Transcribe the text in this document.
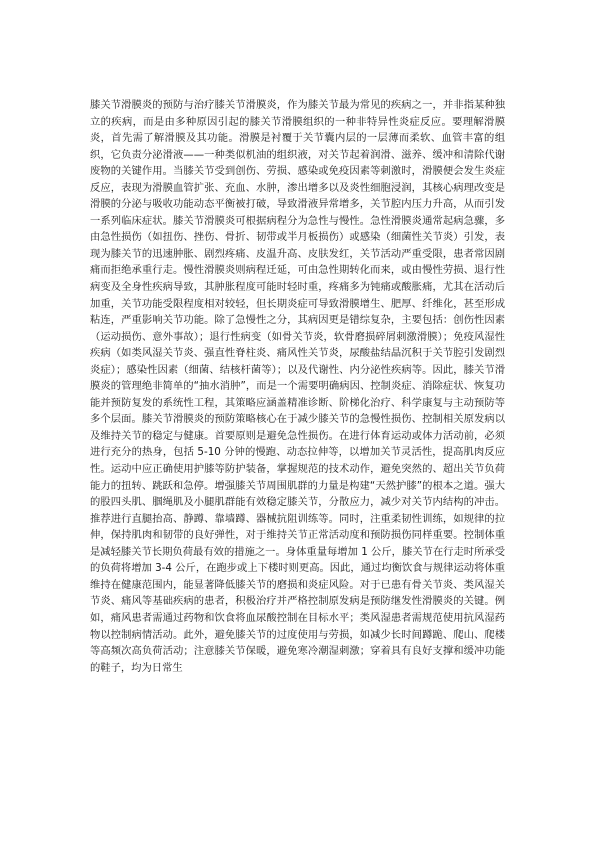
膝关节滑膜炎的预防与治疗膝关节滑膜炎，作为膝关节最为常见的疾病之一，并非指某种独立的疾病，而是由多种原因引起的膝关节滑膜组织的一种非特异性炎症反应。要理解滑膜炎，首先需了解滑膜及其功能。滑膜是衬覆于关节囊内层的一层薄而柔软、血管丰富的组织，它负责分泌滑液——一种类似机油的组织液，对关节起着润滑、滋养、缓冲和清除代谢废物的关键作用。当膝关节受到创伤、劳损、感染或免疫因素等刺激时，滑膜便会发生炎症反应，表现为滑膜血管扩张、充血、水肿，渗出增多以及炎性细胞浸润，其核心病理改变是滑膜的分泌与吸收功能动态平衡被打破，导致滑液异常增多，关节腔内压力升高，从而引发一系列临床症状。膝关节滑膜炎可根据病程分为急性与慢性。急性滑膜炎通常起病急骤，多由急性损伤（如扭伤、挫伤、骨折、韧带或半月板损伤）或感染（细菌性关节炎）引发，表现为膝关节的迅速肿胀、剧烈疼痛、皮温升高、皮肤发红，关节活动严重受限，患者常因剧痛而拒绝承重行走。慢性滑膜炎则病程迁延，可由急性期转化而来，或由慢性劳损、退行性病变及全身性疾病导致，其肿胀程度可能时轻时重，疼痛多为钝痛或酸胀痛，尤其在活动后加重，关节功能受限程度相对较轻，但长期炎症可导致滑膜增生、肥厚、纤维化，甚至形成粘连，严重影响关节功能。除了急慢性之分，其病因更是错综复杂，主要包括：创伤性因素（运动损伤、意外事故）；退行性病变（如骨关节炎，软骨磨损碎屑刺激滑膜）；免疫风湿性疾病（如类风湿关节炎、强直性脊柱炎、痛风性关节炎，尿酸盐结晶沉积于关节腔引发剧烈炎症）；感染性因素（细菌、结核杆菌等）；以及代谢性、内分泌性疾病等。因此，膝关节滑膜炎的管理绝非简单的“抽水消肿”，而是一个需要明确病因、控制炎症、消除症状、恢复功能并预防复发的系统性工程，其策略应涵盖精准诊断、阶梯化治疗、科学康复与主动预防等多个层面。膝关节滑膜炎的预防策略核心在于减少膝关节的急慢性损伤、控制相关原发病以及维持关节的稳定与健康。首要原则是避免急性损伤。在进行体育运动或体力活动前，必须进行充分的热身，包括 5-10 分钟的慢跑、动态拉伸等，以增加关节灵活性，提高肌肉反应性。运动中应正确使用护膝等防护装备，掌握规范的技术动作，避免突然的、超出关节负荷能力的扭转、跳跃和急停。增强膝关节周围肌群的力量是构建“天然护膝”的根本之道。强大的股四头肌、腘绳肌及小腿肌群能有效稳定膝关节，分散应力，减少对关节内结构的冲击。推荐进行直腿抬高、静蹲、靠墙蹲、器械抗阻训练等。同时，注重柔韧性训练，如规律的拉伸，保持肌肉和韧带的良好弹性，对于维持关节正常活动度和预防损伤同样重要。控制体重是减轻膝关节长期负荷最有效的措施之一。身体重量每增加 1 公斤，膝关节在行走时所承受的负荷将增加 3-4 公斤，在跑步或上下楼时则更高。因此，通过均衡饮食与规律运动将体重维持在健康范围内，能显著降低膝关节的磨损和炎症风险。对于已患有骨关节炎、类风湿关节炎、痛风等基础疾病的患者，积极治疗并严格控制原发病是预防继发性滑膜炎的关键。例如，痛风患者需通过药物和饮食将血尿酸控制在目标水平；类风湿患者需规范使用抗风湿药物以控制病情活动。此外，避免膝关节的过度使用与劳损，如减少长时间蹲跪、爬山、爬楼等高频次高负荷活动；注意膝关节保暖，避免寒冷潮湿刺激；穿着具有良好支撑和缓冲功能的鞋子，均为日常生
